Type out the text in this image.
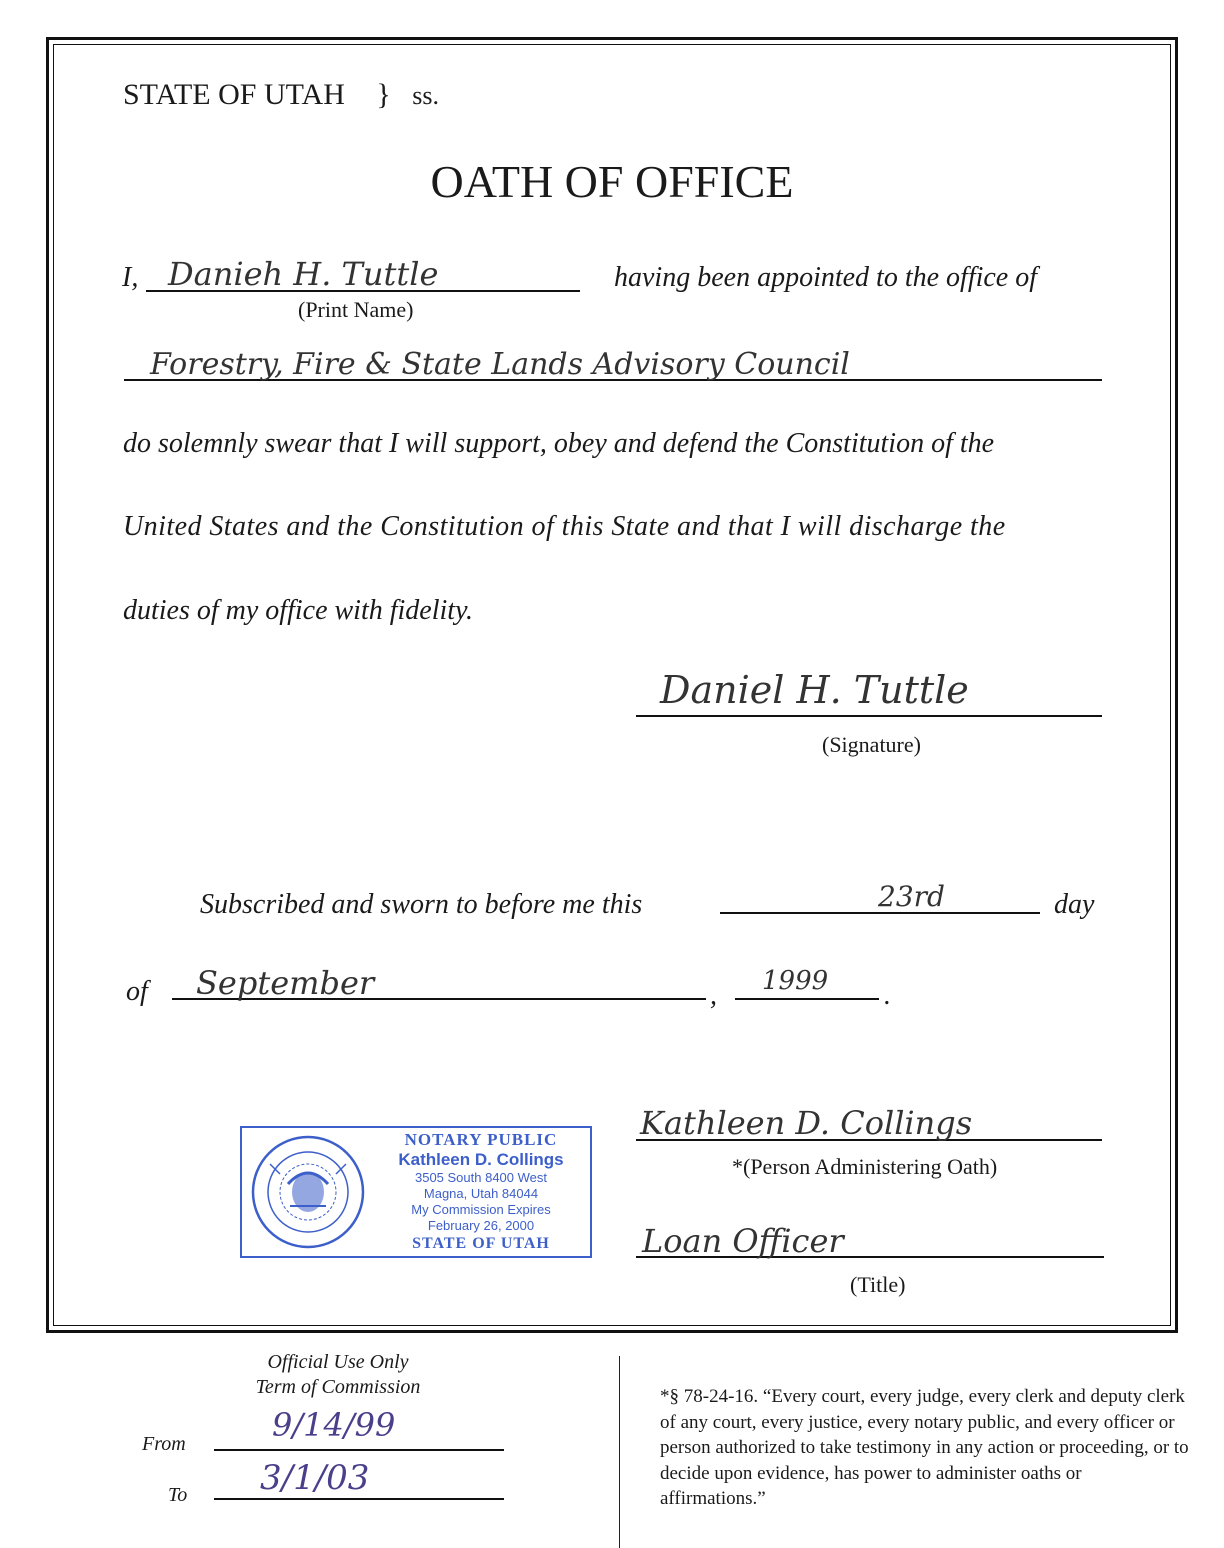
STATE OF UTAH } ss.
OATH OF OFFICE
I, Danieh H. Tuttle
(Print Name)
having been appointed to the office of
Forestry, Fire & State Lands Advisory Council
do solemnly swear that I will support, obey and defend the Constitution of the
United States and the Constitution of this State and that I will discharge the
duties of my office with fidelity.
Daniel H. Tuttle
(Signature)
Subscribed and sworn to before me this	23rd	day
of September	, 1999 .
NOTARY PUBLIC
Kathleen D. Collings
3505 South 8400 West
Magna, Utah 84044
My Commission Expires
February 26, 2000
STATE OF UTAH
Kathleen D. Collings
*(Person Administering Oath)
Loan Officer
(Title)
Official Use Only
Term of Commission
From	9/14/99
To 3/1/03
*§ 78-24-16. “Every court, every judge, every clerk and deputy clerk of any court, every justice, every notary public, and every officer or person authorized to take testimony in any action or proceeding, or to decide upon evidence, has power to administer oaths or affirmations.”
